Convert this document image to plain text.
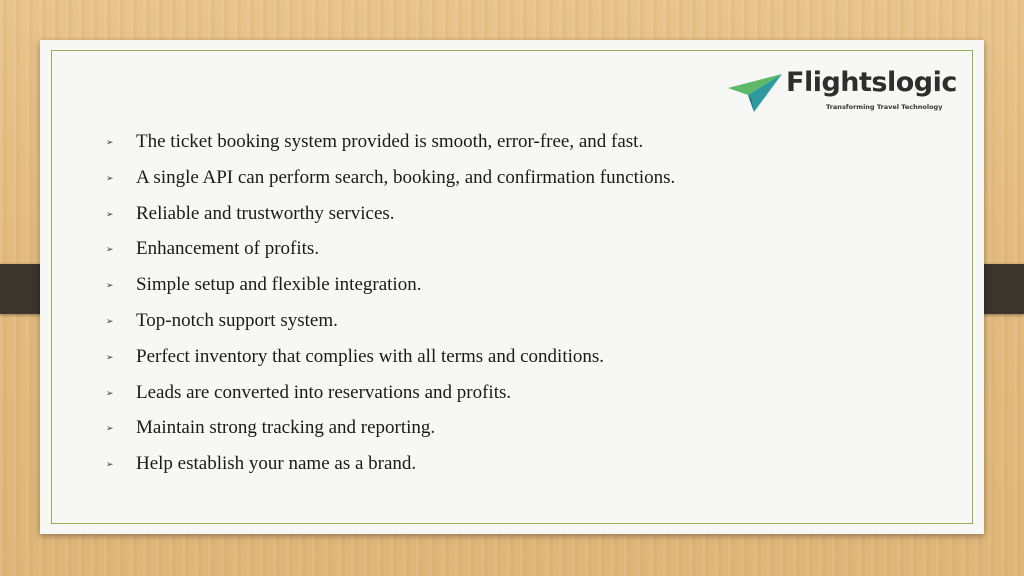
Flightslogic
Transforming Travel Technology
➢ The ticket booking system provided is smooth, error-free, and fast.
➢ A single API can perform search, booking, and confirmation functions.
➢ Reliable and trustworthy services.
➢ Enhancement of profits.
➢ Simple setup and flexible integration.
➢ Top-notch support system.
➢ Perfect inventory that complies with all terms and conditions.
➢ Leads are converted into reservations and profits.
➢ Maintain strong tracking and reporting.
➢ Help establish your name as a brand.
